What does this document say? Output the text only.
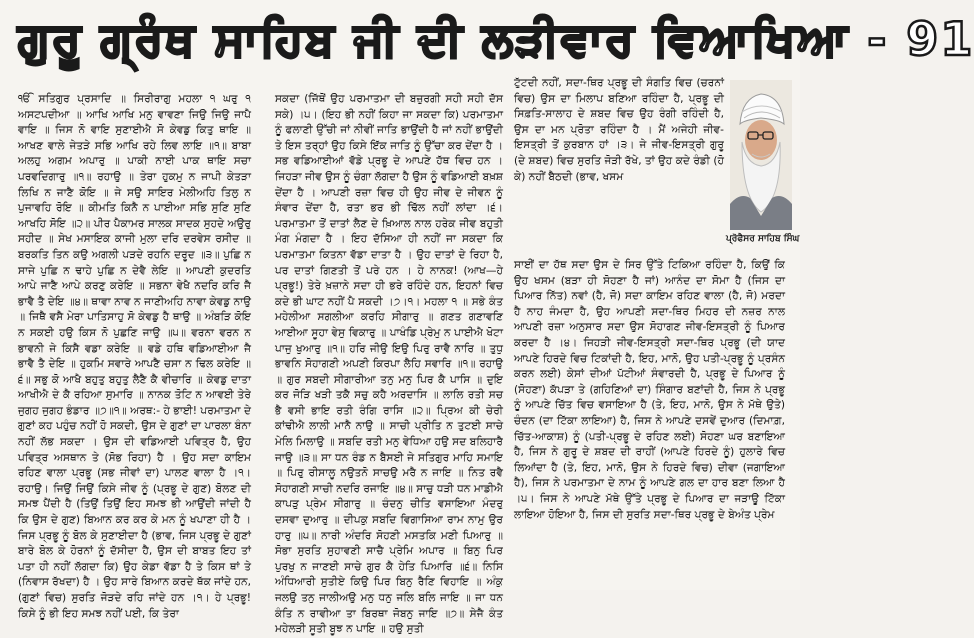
ਗੁਰੂ ਗ੍ਰੰਥ ਸਾਹਿਬ ਜੀ ਦੀ ਲੜੀਵਾਰ ਵਿਆਖਿਆ - 91

ੴ ਸਤਿਗੁਰ ਪ੍ਰਸਾਦਿ ॥ ਸਿਰੀਰਾਗੁ ਮਹਲਾ ੧ ਘਰੁ ੧ ਅਸਟਪਦੀਆ ॥ ਆਖਿ ਆਖਿ ਮਨੁ ਵਾਵਣਾ ਜਿਉ ਜਿਉ ਜਾਪੈ ਵਾਇ ॥ ਜਿਸ ਨੋ ਵਾਇ ਸੁਣਾਈਐ ਸੋ ਕੇਵਡੁ ਕਿਤੁ ਥਾਇ ॥ ਆਖਣ ਵਾਲੇ ਜੇਤੜੇ ਸਭਿ ਆਖਿ ਰਹੇ ਲਿਵ ਲਾਇ ॥੧॥ ਬਾਬਾ ਅਲਹੁ ਅਗਮ ਅਪਾਰੁ ॥ ਪਾਕੀ ਨਾਈ ਪਾਕ ਥਾਇ ਸਚਾ ਪਰਵਦਿਗਾਰੁ ॥੧॥ ਰਹਾਉ ॥ ਤੇਰਾ ਹੁਕਮੁ ਨ ਜਾਪੀ ਕੇਤੜਾ ਲਿਖਿ ਨ ਜਾਣੈ ਕੋਇ ॥ ਜੇ ਸਉ ਸਾਇਰ ਮੇਲੀਅਹਿ ਤਿਲੁ ਨ ਪੁਜਾਵਹਿ ਰੋਇ ॥ ਕੀਮਤਿ ਕਿਨੈ ਨ ਪਾਈਆ ਸਭਿ ਸੁਣਿ ਸੁਣਿ ਆਖਹਿ ਸੋਇ ॥੨॥ ਪੀਰ ਪੈਕਾਮਰ ਸਾਲਕ ਸਾਦਕ ਸੁਹਦੇ ਅਉਰੁ ਸਹੀਦ ॥ ਸੇਖ ਮਸਾਇਕ ਕਾਜੀ ਮੁਲਾ ਦਰਿ ਦਰਵੇਸ ਰਸੀਦ ॥ ਬਰਕਤਿ ਤਿਨ ਕਉ ਅਗਲੀ ਪੜਦੇ ਰਹਨਿ ਦਰੂਦ ॥੩॥ ਪੁਛਿ ਨ ਸਾਜੇ ਪੁਛਿ ਨ ਢਾਹੇ ਪੁਛਿ ਨ ਦੇਵੈ ਲੇਇ ॥ ਆਪਣੀ ਕੁਦਰਤਿ ਆਪੇ ਜਾਣੈ ਆਪੇ ਕਰਣੁ ਕਰੇਇ ॥ ਸਭਨਾ ਵੇਖੈ ਨਦਰਿ ਕਰਿ ਜੈ ਭਾਵੈ ਤੈ ਦੇਇ ॥੪॥ ਥਾਵਾ ਨਾਵ ਨ ਜਾਣੀਅਹਿ ਨਾਵਾ ਕੇਵਡੁ ਨਾਉ ॥ ਜਿਥੈ ਵਸੈ ਮੇਰਾ ਪਾਤਿਸਾਹੁ ਸੋ ਕੇਵਡੁ ਹੈ ਥਾਉ ॥ ਅੰਬੜਿ ਕੋਇ ਨ ਸਕਈ ਹਉ ਕਿਸ ਨੋ ਪੁਛਣਿ ਜਾਉ ॥੫॥ ਵਰਨਾ ਵਰਨ ਨ ਭਾਵਨੀ ਜੇ ਕਿਸੈ ਵਡਾ ਕਰੇਇ ॥ ਵਡੇ ਹਥਿ ਵਡਿਆਈਆ ਜੈ ਭਾਵੈ ਤੈ ਦੇਇ ॥ ਹੁਕਮਿ ਸਵਾਰੇ ਆਪਣੈ ਚਸਾ ਨ ਢਿਲ ਕਰੇਇ ॥੬॥ ਸਭੁ ਕੋ ਆਖੈ ਬਹੁਤੁ ਬਹੁਤੁ ਲੈਣੈ ਕੈ ਵੀਚਾਰਿ ॥ ਕੇਵਡੁ ਦਾਤਾ ਆਖੀਐ ਦੇ ਕੈ ਰਹਿਆ ਸੁਮਾਰਿ ॥ ਨਾਨਕ ਤੋਟਿ ਨ ਆਵਈ ਤੇਰੇ ਜੁਗਹ ਜੁਗਹ ਭੰਡਾਰ ॥੭॥੧॥ ਅਰਥ:- ਹੇ ਭਾਈ! ਪਰਮਾਤਮਾ ਦੇ ਗੁਣਾਂ ਕਹ ਪਹੁੰਚ ਨਹੀਂ ਹੋ ਸਕਦੀ, ਉਸ ਦੇ ਗੁਣਾਂ ਦਾ ਪਾਰਲਾ ਬੰਨਾ ਨਹੀਂ ਲੱਭ ਸਕਦਾ । ਉਸ ਦੀ ਵਡਿਆਈ ਪਵਿਤ੍ਰ ਹੈ, ਉਹ ਪਵਿਤ੍ਰ ਅਸਥਾਨ ਤੇ (ਸੋਭ ਰਿਹਾ) ਹੈ । ਉਹ ਸਦਾ ਕਾਇਮ ਰਹਿਣ ਵਾਲਾ ਪ੍ਰਭੂ (ਸਭ ਜੀਵਾਂ ਦਾ) ਪਾਲਣ ਵਾਲਾ ਹੈ ।੧।ਰਹਾਉ। ਜਿਉਂ ਜਿਉਂ ਕਿਸੇ ਜੀਵ ਨੂੰ (ਪ੍ਰਭੂ ਦੇ ਗੁਣ) ਬੋਲਣ ਦੀ ਸਮਝ ਪੈਂਦੀ ਹੈ (ਤਿਉਂ ਤਿਉਂ ਇਹ ਸਮਝ ਭੀ ਆਉਂਦੀ ਜਾਂਦੀ ਹੈ ਕਿ ਉਸ ਦੇ ਗੁਣ) ਬਿਆਨ ਕਰ ਕਰ ਕੇ ਮਨ ਨੂੰ ਖਪਾਣਾ ਹੀ ਹੈ । ਜਿਸ ਪ੍ਰਭੂ ਨੂੰ ਬੋਲ ਕੇ ਸੁਣਾਈਦਾ ਹੈ (ਭਾਵ, ਜਿਸ ਪ੍ਰਭੂ ਦੇ ਗੁਣਾਂ ਬਾਰੇ ਬੋਲ ਕੇ ਹੋਰਨਾਂ ਨੂੰ ਦੱਸੀਦਾ ਹੈ, ਉਸ ਦੀ ਬਾਬਤ ਇਹ ਤਾਂ ਪਤਾ ਹੀ ਨਹੀਂ ਲੱਗਦਾ ਕਿ) ਉਹ ਕੇਡਾ ਵੱਡਾ ਹੈ ਤੇ ਕਿਸ ਥਾਂ ਤੇ (ਨਿਵਾਸ ਰੱਖਦਾ) ਹੈ । ਉਹ ਸਾਰੇ ਬਿਆਨ ਕਰਦੇ ਥੱਕ ਜਾਂਦੇ ਹਨ, (ਗੁਣਾਂ ਵਿਚ) ਸੁਰਤਿ ਜੋੜਦੇ ਰਹਿ ਜਾਂਦੇ ਹਨ ।੧। ਹੇ ਪ੍ਰਭੂ! ਕਿਸੇ ਨੂੰ ਭੀ ਇਹ ਸਮਝ ਨਹੀਂ ਪਈ, ਕਿ ਤੇਰਾ

ਸਕਦਾ (ਜਿੱਥੋਂ ਉਹ ਪਰਮਾਤਮਾ ਦੀ ਬਜ਼ੁਰਗੀ ਸਹੀ ਸਹੀ ਦੱਸ ਸਕੇ) ।੫। (ਇਹ ਭੀ ਨਹੀਂ ਕਿਹਾ ਜਾ ਸਕਦਾ ਕਿ) ਪਰਮਾਤਮਾ ਨੂੰ ਫਲਾਣੀ ਉੱਚੀ ਜਾਂ ਨੀਵੀਂ ਜਾਤਿ ਭਾਉਂਦੀ ਹੈ ਜਾਂ ਨਹੀਂ ਭਾਉਂਦੀ ਤੇ ਇਸ ਤਰ੍ਹਾਂ ਉਹ ਕਿਸੇ ਇੱਕ ਜਾਤਿ ਨੂੰ ਉੱਚਾ ਕਰ ਦੇਂਦਾ ਹੈ । ਸਭ ਵਡਿਆਈਆਂ ਵੱਡੇ ਪ੍ਰਭੂ ਦੇ ਆਪਣੇ ਹੱਥ ਵਿਚ ਹਨ । ਜਿਹੜਾ ਜੀਵ ਉਸ ਨੂੰ ਚੰਗਾ ਲੱਗਦਾ ਹੈ ਉਸ ਨੂੰ ਵਡਿਆਈ ਬਖ਼ਸ਼ ਦੇਂਦਾ ਹੈ । ਆਪਣੀ ਰਜ਼ਾ ਵਿਚ ਹੀ ਉਹ ਜੀਵ ਦੇ ਜੀਵਨ ਨੂੰ ਸੰਵਾਰ ਦੇਂਦਾ ਹੈ, ਰਤਾ ਭਰ ਭੀ ਢਿੱਲ ਨਹੀਂ ਲਾਂਦਾ ।੬। ਪਰਮਾਤਮਾ ਤੋਂ ਦਾਤਾਂ ਲੈਣ ਦੇ ਖ਼ਿਆਲ ਨਾਲ ਹਰੇਕ ਜੀਵ ਬਹੁਤੀ ਮੰਗ ਮੰਗਦਾ ਹੈ । ਇਹ ਦੱਸਿਆ ਹੀ ਨਹੀਂ ਜਾ ਸਕਦਾ ਕਿ ਪਰਮਾਤਮਾ ਕਿਤਨਾ ਵੱਡਾ ਦਾਤਾ ਹੈ । ਉਹ ਦਾਤਾਂ ਦੇ ਰਿਹਾ ਹੈ, ਪਰ ਦਾਤਾਂ ਗਿਣਤੀ ਤੋਂ ਪਰੇ ਹਨ । ਹੇ ਨਾਨਕ! (ਆਖ—ਹੇ ਪ੍ਰਭੂ!) ਤੇਰੇ ਖ਼ਜ਼ਾਨੇ ਸਦਾ ਹੀ ਭਰੇ ਰਹਿੰਦੇ ਹਨ, ਇਹਨਾਂ ਵਿਚ ਕਦੇ ਭੀ ਘਾਟ ਨਹੀਂ ਪੈ ਸਕਦੀ ।੭।੧। ਮਹਲਾ ੧ ॥ ਸਭੇ ਕੰਤ ਮਹੇਲੀਆ ਸਗਲੀਆ ਕਰਹਿ ਸੀਗਾਰੁ ॥ ਗਣਤ ਗਣਾਵਣਿ ਆਈਆ ਸੂਹਾ ਵੇਸੁ ਵਿਕਾਰੁ ॥ ਪਾਖੰਡਿ ਪ੍ਰੇਮੁ ਨ ਪਾਈਐ ਖੋਟਾ ਪਾਜੁ ਖੁਆਰੁ ॥੧॥ ਹਰਿ ਜੀਉ ਇਉ ਪਿਰੁ ਰਾਵੈ ਨਾਰਿ ॥ ਤੁਧੁ ਭਾਵਨਿ ਸੋਹਾਗਣੀ ਅਪਣੀ ਕਿਰਪਾ ਲੈਹਿ ਸਵਾਰਿ ॥੧॥ ਰਹਾਉ ॥ ਗੁਰ ਸਬਦੀ ਸੀਗਾਰੀਆ ਤਨੁ ਮਨੁ ਪਿਰ ਕੈ ਪਾਸਿ ॥ ਦੁਇ ਕਰ ਜੋੜਿ ਖੜੀ ਤਕੈ ਸਚੁ ਕਹੈ ਅਰਦਾਸਿ ॥ ਲਾਲਿ ਰਤੀ ਸਚ ਭੈ ਵਸੀ ਭਾਇ ਰਤੀ ਰੰਗਿ ਰਾਸਿ ॥੨॥ ਪ੍ਰਿਅ ਕੀ ਚੇਰੀ ਕਾਂਢੀਐ ਲਾਲੀ ਮਾਨੈ ਨਾਉ ॥ ਸਾਚੀ ਪ੍ਰੀਤਿ ਨ ਤੁਟਈ ਸਾਚੇ ਮੇਲਿ ਮਿਲਾਉ ॥ ਸਬਦਿ ਰਤੀ ਮਨੁ ਵੇਧਿਆ ਹਉ ਸਦ ਬਲਿਹਾਰੈ ਜਾਉ ॥੩॥ ਸਾ ਧਨ ਰੰਡ ਨ ਬੈਸਈ ਜੇ ਸਤਿਗੁਰ ਮਾਹਿ ਸਮਾਇ ॥ ਪਿਰੁ ਰੀਸਾਲੂ ਨਉਤਨੋ ਸਾਚਉ ਮਰੈ ਨ ਜਾਇ ॥ ਨਿਤ ਰਵੈ ਸੋਹਾਗਣੀ ਸਾਚੀ ਨਦਰਿ ਰਜਾਇ ॥੪॥ ਸਾਚੁ ਧੜੀ ਧਨ ਮਾਡੀਐ ਕਾਪੜੁ ਪ੍ਰੇਮ ਸੀਗਾਰੁ ॥ ਚੰਦਨੁ ਚੀਤਿ ਵਸਾਇਆ ਮੰਦਰੁ ਦਸਵਾ ਦੁਆਰੁ ॥ ਦੀਪਕੁ ਸਬਦਿ ਵਿਗਾਸਿਆ ਰਾਮ ਨਾਮੁ ਉਰ ਹਾਰੁ ॥੫॥ ਨਾਰੀ ਅੰਦਰਿ ਸੋਹਣੀ ਮਸਤਕਿ ਮਣੀ ਪਿਆਰੁ ॥ ਸੋਭਾ ਸੁਰਤਿ ਸੁਹਾਵਣੀ ਸਾਚੈ ਪ੍ਰੇਮਿ ਅਪਾਰ ॥ ਬਿਨੁ ਪਿਰ ਪੁਰਖੁ ਨ ਜਾਣਈ ਸਾਚੇ ਗੁਰ ਕੈ ਹੇਤਿ ਪਿਆਰਿ ॥੬॥ ਨਿਸਿ ਅੰਧਿਆਰੀ ਸੁਤੀਏ ਕਿਉ ਪਿਰ ਬਿਨੁ ਰੈਣਿ ਵਿਹਾਇ ॥ ਅੰਕੁ ਜਲਉ ਤਨੁ ਜਾਲੀਅਉ ਮਨੁ ਧਨੁ ਜਲਿ ਬਲਿ ਜਾਇ ॥ ਜਾ ਧਨ ਕੰਤਿ ਨ ਰਾਵੀਆ ਤਾ ਬਿਰਥਾ ਜੋਬਨੁ ਜਾਇ ॥੭॥ ਸੇਜੈ ਕੰਤ ਮਹੇਲੜੀ ਸੂਤੀ ਬੂਝ ਨ ਪਾਇ ॥ ਹਉ ਸੁਤੀ

ਟੁੱਟਦੀ ਨਹੀਂ, ਸਦਾ-ਥਿਰ ਪ੍ਰਭੂ ਦੀ ਸੰਗਤਿ ਵਿਚ (ਚਰਨਾਂ ਵਿਚ) ਉਸ ਦਾ ਮਿਲਾਪ ਬਣਿਆ ਰਹਿੰਦਾ ਹੈ, ਪ੍ਰਭੂ ਦੀ ਸਿਫ਼ਤਿ-ਸਾਲਾਹ ਦੇ ਸ਼ਬਦ ਵਿਚ ਉਹ ਰੰਗੀ ਰਹਿੰਦੀ ਹੈ, ਉਸ ਦਾ ਮਨ ਪ੍ਰੋਤਾ ਰਹਿੰਦਾ ਹੈ । ਮੈਂ ਅਜੇਹੀ ਜੀਵ-ਇਸਤ੍ਰੀ ਤੋਂ ਕੁਰਬਾਨ ਹਾਂ ।੩। ਜੇ ਜੀਵ-ਇਸਤ੍ਰੀ ਗੁਰੂ (ਦੇ ਸ਼ਬਦ) ਵਿਚ ਸੁਰਤਿ ਜੋੜੀ ਰੱਖੇ, ਤਾਂ ਉਹ ਕਦੇ ਰੰਡੀ (ਹੋ ਕੇ) ਨਹੀਂ ਬੈਠਦੀ (ਭਾਵ, ਖਸਮ

ਸਾਈਂ ਦਾ ਹੱਥ ਸਦਾ ਉਸ ਦੇ ਸਿਰ ਉੱਤੇ ਟਿਕਿਆ ਰਹਿੰਦਾ ਹੈ, ਕਿਉਂ ਕਿ ਉਹ ਖਸਮ (ਬੜਾ ਹੀ ਸੋਹਣਾ ਹੈ ਜਾਂ) ਆਨੰਦ ਦਾ ਸੋਮਾ ਹੈ (ਜਿਸ ਦਾ ਪਿਆਰ ਨਿੱਤ) ਨਵਾਂ (ਹੈ, ਜੋ) ਸਦਾ ਕਾਇਮ ਰਹਿਣ ਵਾਲਾ (ਹੈ, ਜੋ) ਮਰਦਾ ਹੈ ਨਾਹ ਜੰਮਦਾ ਹੈ, ਉਹ ਆਪਣੀ ਸਦਾ-ਥਿਰ ਮਿਹਰ ਦੀ ਨਜ਼ਰ ਨਾਲ ਆਪਣੀ ਰਜ਼ਾ ਅਨੁਸਾਰ ਸਦਾ ਉਸ ਸੋਹਾਗਣ ਜੀਵ-ਇਸਤ੍ਰੀ ਨੂੰ ਪਿਆਰ ਕਰਦਾ ਹੈ ।੪। ਜਿਹੜੀ ਜੀਵ-ਇਸਤ੍ਰੀ ਸਦਾ-ਥਿਰ ਪ੍ਰਭੂ (ਦੀ ਯਾਦ ਆਪਣੇ ਹਿਰਦੇ ਵਿਚ ਟਿਕਾਂਦੀ ਹੈ, ਇਹ, ਮਾਨੋ, ਉਹ ਪਤੀ-ਪ੍ਰਭੂ ਨੂੰ ਪ੍ਰਸੰਨ ਕਰਨ ਲਈ) ਕੇਸਾਂ ਦੀਆਂ ਪੱਟੀਆਂ ਸੰਵਾਰਦੀ ਹੈ, ਪ੍ਰਭੂ ਦੇ ਪਿਆਰ ਨੂੰ (ਸੋਹਣਾ) ਕੱਪੜਾ ਤੇ (ਗਹਿਣਿਆਂ ਦਾ) ਸਿੰਗਾਰ ਬਣਾਂਦੀ ਹੈ, ਜਿਸ ਨੇ ਪ੍ਰਭੂ ਨੂੰ ਆਪਣੇ ਚਿੱਤ ਵਿਚ ਵਸਾਇਆ ਹੈ (ਤੇ, ਇਹ, ਮਾਨੋ, ਉਸ ਨੇ ਮੱਥੇ ਉਤੇ) ਚੰਦਨ (ਦਾ ਟਿੱਕਾ ਲਾਇਆ) ਹੈ, ਜਿਸ ਨੇ ਆਪਣੇ ਦਸਵੇਂ ਦੁਆਰ (ਦਿਮਾਗ਼, ਚਿੱਤ-ਆਕਾਸ਼) ਨੂੰ (ਪਤੀ-ਪ੍ਰਭੂ ਦੇ ਰਹਿਣ ਲਈ) ਸੋਹਣਾ ਘਰ ਬਣਾਇਆ ਹੈ, ਜਿਸ ਨੇ ਗੁਰੂ ਦੇ ਸ਼ਬਦ ਦੀ ਰਾਹੀਂ (ਆਪਣੇ ਹਿਰਦੇ ਨੂੰ) ਹੁਲਾਰੇ ਵਿਚ ਲਿਆਂਦਾ ਹੈ (ਤੇ, ਇਹ, ਮਾਨੋ, ਉਸ ਨੇ ਹਿਰਦੇ ਵਿਚ) ਦੀਵਾ (ਜਗਾਇਆ ਹੈ), ਜਿਸ ਨੇ ਪਰਮਾਤਮਾ ਦੇ ਨਾਮ ਨੂੰ ਆਪਣੇ ਗਲ ਦਾ ਹਾਰ ਬਣਾ ਲਿਆ ਹੈ ।੫। ਜਿਸ ਨੇ ਆਪਣੇ ਮੱਥੇ ਉੱਤੇ ਪ੍ਰਭੂ ਦੇ ਪਿਆਰ ਦਾ ਜੜਾਊ ਟਿੱਕਾ ਲਾਇਆ ਹੋਇਆ ਹੈ, ਜਿਸ ਦੀ ਸੁਰਤਿ ਸਦਾ-ਥਿਰ ਪ੍ਰਭੂ ਦੇ ਬੇਅੰਤ ਪ੍ਰੇਮ

ਪ੍ਰੋਫੈਸਰ ਸਾਹਿਬ ਸਿੰਘ
